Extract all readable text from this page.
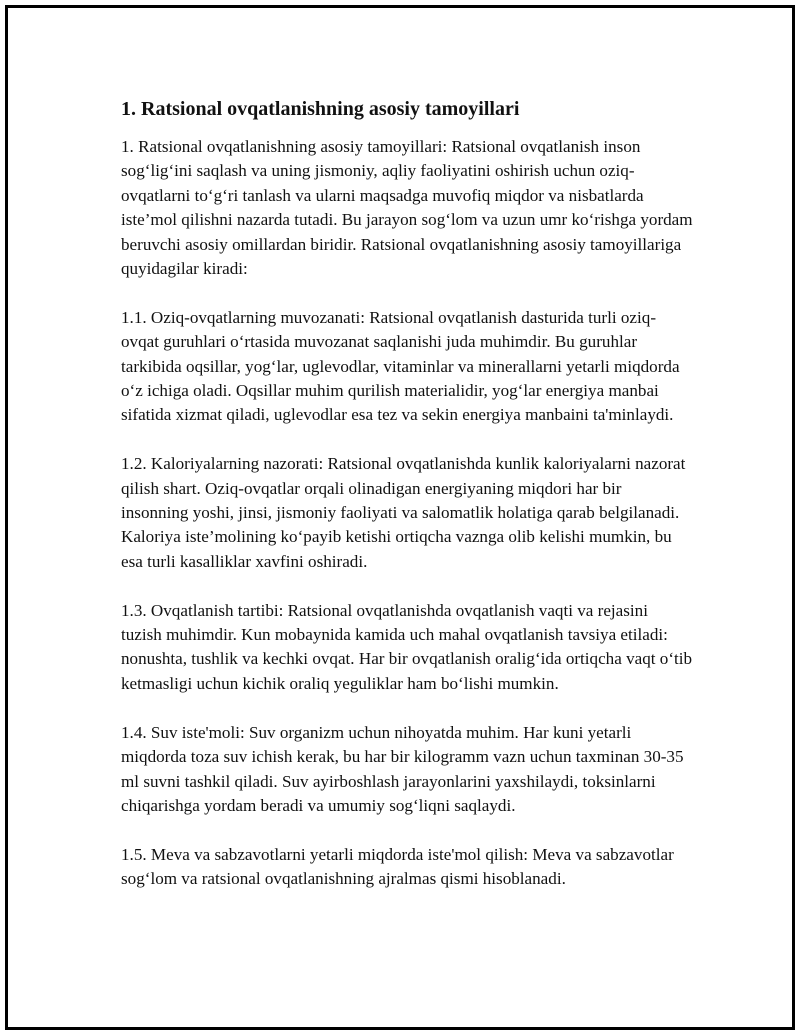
1. Ratsional ovqatlanishning asosiy tamoyillari

1. Ratsional ovqatlanishning asosiy tamoyillari: Ratsional ovqatlanish inson sog‘lig‘ini saqlash va uning jismoniy, aqliy faoliyatini oshirish uchun oziq-ovqatlarni to‘g‘ri tanlash va ularni maqsadga muvofiq miqdor va nisbatlarda iste’mol qilishni nazarda tutadi. Bu jarayon sog‘lom va uzun umr ko‘rishga yordam beruvchi asosiy omillardan biridir. Ratsional ovqatlanishning asosiy tamoyillariga quyidagilar kiradi:

1.1. Oziq-ovqatlarning muvozanati: Ratsional ovqatlanish dasturida turli oziq-ovqat guruhlari o‘rtasida muvozanat saqlanishi juda muhimdir. Bu guruhlar tarkibida oqsillar, yog‘lar, uglevodlar, vitaminlar va minerallarni yetarli miqdorda o‘z ichiga oladi. Oqsillar muhim qurilish materialidir, yog‘lar energiya manbai sifatida xizmat qiladi, uglevodlar esa tez va sekin energiya manbaini ta'minlaydi.

1.2. Kaloriyalarning nazorati: Ratsional ovqatlanishda kunlik kaloriyalarni nazorat qilish shart. Oziq-ovqatlar orqali olinadigan energiyaning miqdori har bir insonning yoshi, jinsi, jismoniy faoliyati va salomatlik holatiga qarab belgilanadi. Kaloriya iste’molining ko‘payib ketishi ortiqcha vaznga olib kelishi mumkin, bu esa turli kasalliklar xavfini oshiradi.

1.3. Ovqatlanish tartibi: Ratsional ovqatlanishda ovqatlanish vaqti va rejasini tuzish muhimdir. Kun mobaynida kamida uch mahal ovqatlanish tavsiya etiladi: nonushta, tushlik va kechki ovqat. Har bir ovqatlanish oralig‘ida ortiqcha vaqt o‘tib ketmasligi uchun kichik oraliq yeguliklar ham bo‘lishi mumkin.

1.4. Suv iste'moli: Suv organizm uchun nihoyatda muhim. Har kuni yetarli miqdorda toza suv ichish kerak, bu har bir kilogramm vazn uchun taxminan 30-35 ml suvni tashkil qiladi. Suv ayirboshlash jarayonlarini yaxshilaydi, toksinlarni chiqarishga yordam beradi va umumiy sog‘liqni saqlaydi.

1.5. Meva va sabzavotlarni yetarli miqdorda iste'mol qilish: Meva va sabzavotlar sog‘lom va ratsional ovqatlanishning ajralmas qismi hisoblanadi.
